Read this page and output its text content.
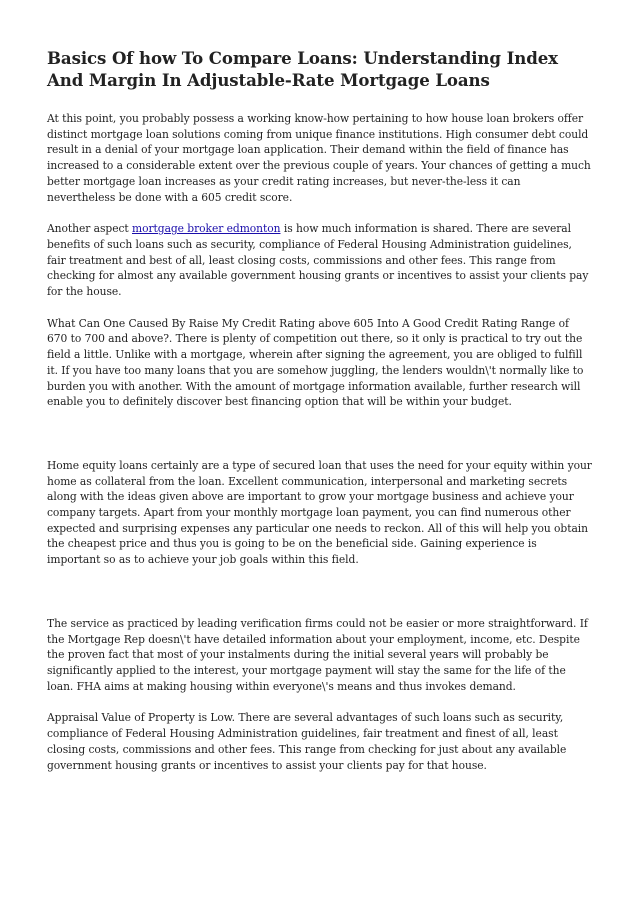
Basics Of how To Compare Loans: Understanding Index And Margin In Adjustable-Rate Mortgage Loans

At this point, you probably possess a working know-how pertaining to how house loan brokers offer distinct mortgage loan solutions coming from unique finance institutions. High consumer debt could result in a denial of your mortgage loan application. Their demand within the field of finance has increased to a considerable extent over the previous couple of years. Your chances of getting a much better mortgage loan increases as your credit rating increases, but never-the-less it can nevertheless be done with a 605 credit score.

Another aspect mortgage broker edmonton is how much information is shared. There are several benefits of such loans such as security, compliance of Federal Housing Administration guidelines, fair treatment and best of all, least closing costs, commissions and other fees. This range from checking for almost any available government housing grants or incentives to assist your clients pay for the house.

What Can One Caused By Raise My Credit Rating above 605 Into A Good Credit Rating Range of 670 to 700 and above?. There is plenty of competition out there, so it only is practical to try out the field a little. Unlike with a mortgage, wherein after signing the agreement, you are obliged to fulfill it. If you have too many loans that you are somehow juggling, the lenders wouldn\'t normally like to burden you with another. With the amount of mortgage information available, further research will enable you to definitely discover best financing option that will be within your budget.

Home equity loans certainly are a type of secured loan that uses the need for your equity within your home as collateral from the loan. Excellent communication, interpersonal and marketing secrets along with the ideas given above are important to grow your mortgage business and achieve your company targets. Apart from your monthly mortgage loan payment, you can find numerous other expected and surprising expenses any particular one needs to reckon. All of this will help you obtain the cheapest price and thus you is going to be on the beneficial side. Gaining experience is important so as to achieve your job goals within this field.

The service as practiced by leading verification firms could not be easier or more straightforward. If the Mortgage Rep doesn\'t have detailed information about your employment, income, etc. Despite the proven fact that most of your instalments during the initial several years will probably be significantly applied to the interest, your mortgage payment will stay the same for the life of the loan. FHA aims at making housing within everyone\'s means and thus invokes demand.

Appraisal Value of Property is Low. There are several advantages of such loans such as security, compliance of Federal Housing Administration guidelines, fair treatment and finest of all, least closing costs, commissions and other fees. This range from checking for just about any available government housing grants or incentives to assist your clients pay for that house.
